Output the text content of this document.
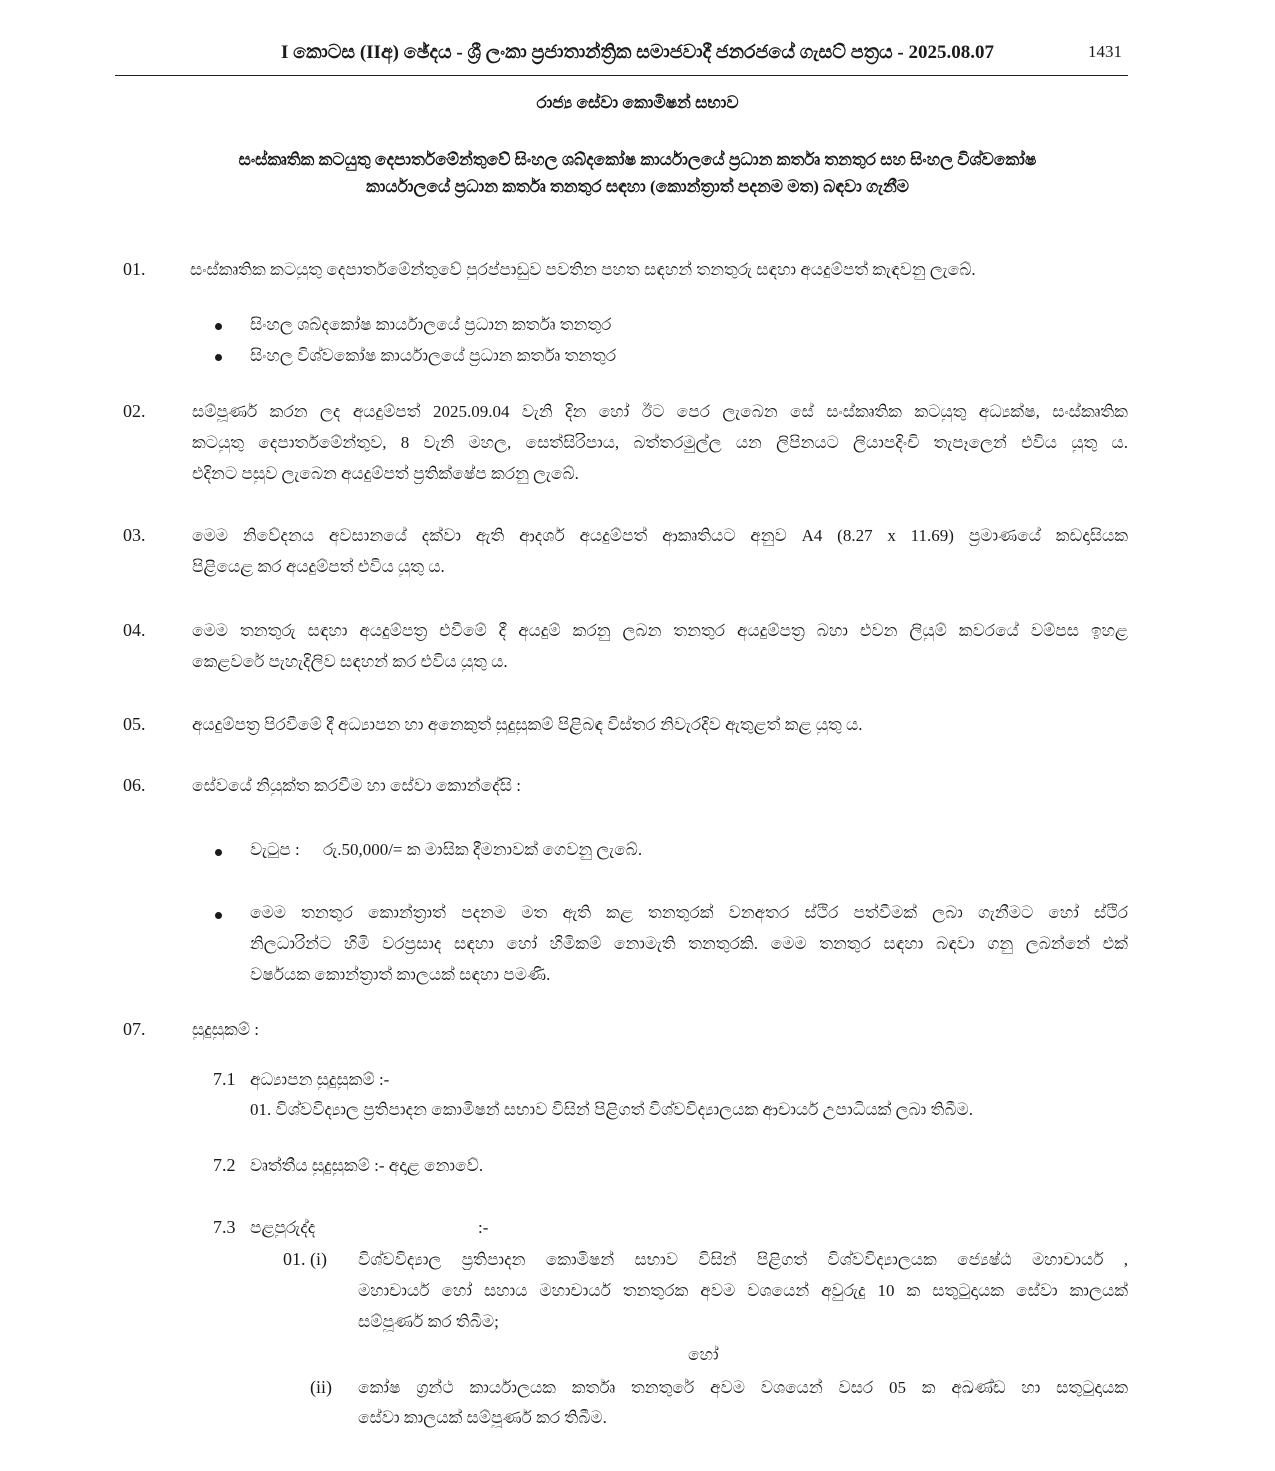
I කොටස (IIඅ) ඡේදය - ශ්‍රී ලංකා ප්‍රජාතාන්ත්‍රික සමාජවාදී ජනරජයේ ගැසට් පත්‍රය - 2025.08.07	1431
රාජ්‍ය සේවා කොමිෂන් සභාව
සංස්කෘතික කටයුතු දෙපාර්තමේන්තුවේ සිංහල ශබ්දකෝෂ කාර්යාලයේ ප්‍රධාන කර්තෘ තනතුර සහ සිංහල විශ්වකෝෂ
කාර්යාලයේ ප්‍රධාන කර්තෘ තනතුර සඳහා (කොන්ත්‍රාත් පදනම මත) බඳවා ගැනීම
01.	සංස්කෘතික කටයුතු දෙපාර්තමේන්තුවේ පුරප්පාඩුව පවතින පහත සඳහන් තනතුරු සඳහා අයදුම්පත් කැඳවනු ලැබේ.
සිංහල ශබ්දකෝෂ කාර්යාලයේ ප්‍රධාන කර්තෘ තනතුර
සිංහල විශ්වකෝෂ කාර්යාලයේ ප්‍රධාන කර්තෘ තනතුර
02.	සම්පූර්ණ කරන ලද අයදුම්පත් 2025.09.04 වැනි දින හෝ ඊට පෙර ලැබෙන සේ සංස්කෘතික කටයුතු අධ්‍යක්ෂ, සංස්කෘතික
කටයුතු දෙපාර්තමේන්තුව, 8 වැනි මහල, සෙත්සිරිපාය, බත්තරමුල්ල යන ලිපිනයට ලියාපදිංචි තැපෑලෙන් එවිය යුතු ය.
එදිනට පසුව ලැබෙන අයදුම්පත් ප්‍රතික්ෂේප කරනු ලැබේ.
03.	මෙම නිවේදනය අවසානයේ දක්වා ඇති ආදර්ශ අයදුම්පත් ආකෘතියට අනුව A4 (8.27 x 11.69) ප්‍රමාණයේ කඩදාසියක
පිළියෙළ කර අයදුම්පත් එවිය යුතු ය.
04.	මෙම තනතුරු සඳහා අයදුම්පත්‍ර එවීමේ දී අයදුම් කරනු ලබන තනතුර අයදුම්පත්‍ර බහා එවන ලියුම් කවරයේ වම්පස ඉහළ
කෙළවරේ පැහැදිලිව සඳහන් කර එවිය යුතු ය.
05.	අයදුම්පත්‍ර පිරවීමේ දී අධ්‍යාපන හා අනෙකුත් සුදුසුකම් පිළිබඳ විස්තර නිවැරදිව ඇතුළත් කළ යුතු ය.
06.	සේවයේ නියුක්ත කරවීම හා සේවා කොන්දේසි :
වැටුප : රු.50,000/= ක මාසික දීමනාවක් ගෙවනු ලැබේ.
මෙම තනතුර කොන්ත්‍රාත් පදනම මත ඇති කළ තනතුරක් වනඅතර ස්ථිර පත්වීමක් ලබා ගැනීමට හෝ ස්ථිර
නිලධාරින්ට හිමි වරප්‍රසාද සඳහා හෝ හිමිකම් නොමැති තනතුරකි. මෙම තනතුර සඳහා බඳවා ගනු ලබන්නේ එක්
වර්ෂයක කොන්ත්‍රාත් කාලයක් සඳහා පමණි.
07.	සුදුසුකම් :
7.1 අධ්‍යාපන සුදුසුකම් :-
01. විශ්වවිද්‍යාල ප්‍රතිපාදන කොමිෂන් සභාව විසින් පිළිගත් විශ්වවිද්‍යාලයක ආචාර්ය උපාධියක් ලබා තිබීම.
7.2 වෘත්තීය සුදුසුකම් :- අදාළ නොවේ.
7.3 පළපුරුද්ද	:-
01. (i) විශ්වවිද්‍යාල ප්‍රතිපාදන කොමිෂන් සභාව විසින් පිළිගත් විශ්වවිද්‍යාලයක ජ්‍යෙෂ්ඨ මහාචාර්ය ,
මහාචාර්ය හෝ සහාය මහාචාර්ය තනතුරක අවම වශයෙන් අවුරුදු 10 ක සතුටුදායක සේවා කාලයක්
සම්පූර්ණ කර තිබීම;
හෝ
(ii) කෝෂ ග්‍රන්ථ කාර්යාලයක කර්තෘ තනතුරේ අවම වශයෙන් වසර 05 ක අඛණ්ඩ හා සතුටුදායක
සේවා කාලයක් සම්පූර්ණ කර තිබීම.
